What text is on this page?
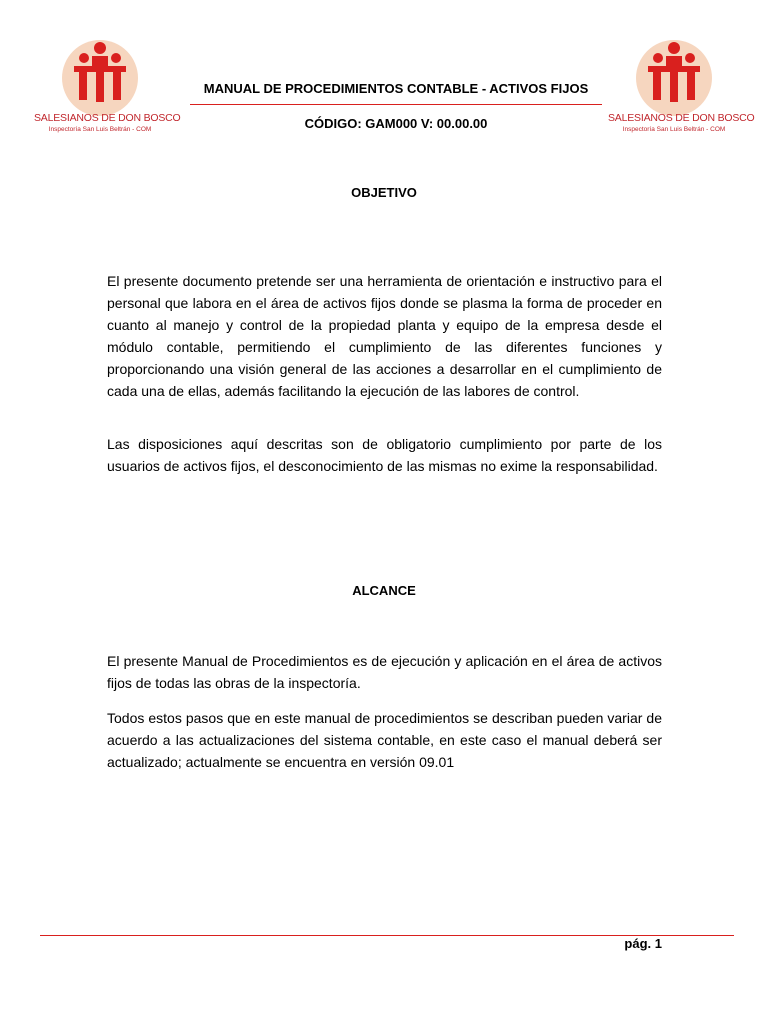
SALESIANOS DE DON BOSCO
Inspectoría San Luis Beltrán - COM
SALESIANOS DE DON BOSCO
Inspectoría San Luis Beltrán - COM
MANUAL DE PROCEDIMIENTOS CONTABLE - ACTIVOS FIJOS
CÓDIGO: GAM000 V: 00.00.00
OBJETIVO
El presente documento pretende ser una herramienta de orientación e instructivo para el personal que labora en el área de activos fijos donde se plasma la forma de proceder en cuanto al manejo y control de la propiedad planta y equipo de la empresa desde el módulo contable, permitiendo el cumplimiento de las diferentes funciones y proporcionando una visión general de las acciones a desarrollar en el cumplimiento de cada una de ellas, además facilitando la ejecución de las labores de control.
Las disposiciones aquí descritas son de obligatorio cumplimiento por parte de los usuarios de activos fijos, el desconocimiento de las mismas no exime la responsabilidad.
ALCANCE
El presente Manual de Procedimientos es de ejecución y aplicación en el área de activos fijos de todas las obras de la inspectoría.
Todos estos pasos que en este manual de procedimientos se describan pueden variar de acuerdo a las actualizaciones del sistema contable, en este caso el manual deberá ser actualizado; actualmente se encuentra en versión 09.01
pág. 1
